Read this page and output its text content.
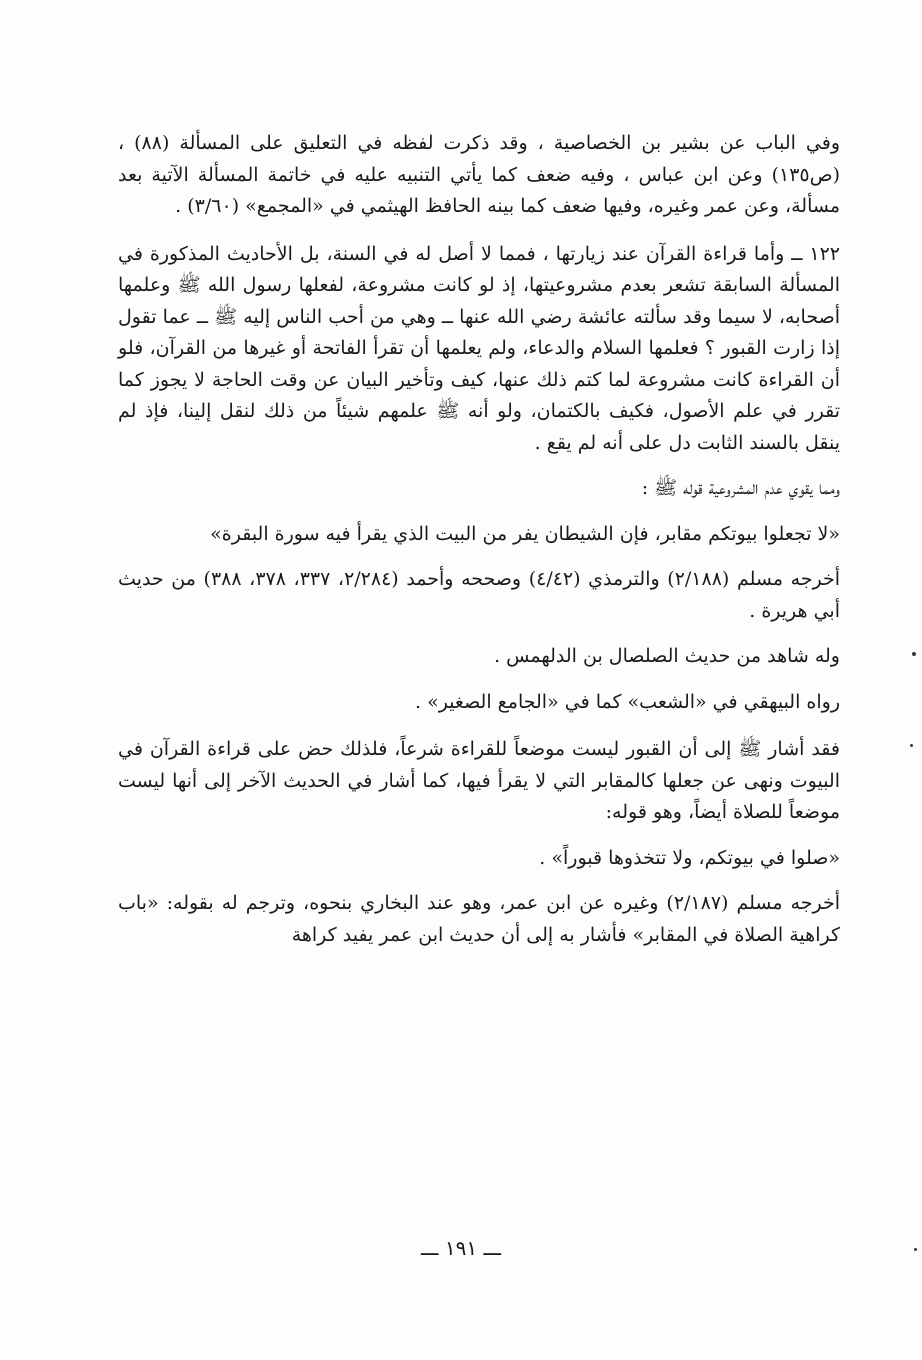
وفي الباب عن بشير بن الخصاصية ، وقد ذكرت لفظه في التعليق على المسألة (٨٨) ، (ص١٣٥) وعن ابن عباس ، وفيه ضعف كما يأتي التنبيه عليه في خاتمة المسألة الآتية بعد مسألة، وعن عمر وغيره، وفيها ضعف كما بينه الحافظ الهيثمي في «المجمع» (٣/٦٠) .

١٢٢ ــ وأما قراءة القرآن عند زيارتها ، فمما لا أصل له في السنة، بل الأحاديث المذكورة في المسألة السابقة تشعر بعدم مشروعيتها، إذ لو كانت مشروعة، لفعلها رسول الله ﷺ وعلمها أصحابه، لا سيما وقد سألته عائشة رضي الله عنها ــ وهي من أحب الناس إليه ﷺ ــ عما تقول إذا زارت القبور ؟ فعلمها السلام والدعاء، ولم يعلمها أن تقرأ الفاتحة أو غيرها من القرآن، فلو أن القراءة كانت مشروعة لما كتم ذلك عنها، كيف وتأخير البيان عن وقت الحاجة لا يجوز كما تقرر في علم الأصول، فكيف بالكتمان، ولو أنه ﷺ علمهم شيئاً من ذلك لنقل إلينا، فإذ لم ينقل بالسند الثابت دل على أنه لم يقع .

ومما يقوي عدم المشروعية قوله ﷺ :

«لا تجعلوا بيوتكم مقابر، فإن الشيطان يفر من البيت الذي يقرأ فيه سورة البقرة»

أخرجه مسلم (٢/١٨٨) والترمذي (٤/٤٢) وصححه وأحمد (٢/٢٨٤، ٣٣٧، ٣٧٨، ٣٨٨) من حديث أبي هريرة .

وله شاهد من حديث الصلصال بن الدلهمس .

رواه البيهقي في «الشعب» كما في «الجامع الصغير» .

فقد أشار ﷺ إلى أن القبور ليست موضعاً للقراءة شرعاً، فلذلك حض على قراءة القرآن في البيوت ونهى عن جعلها كالمقابر التي لا يقرأ فيها، كما أشار في الحديث الآخر إلى أنها ليست موضعاً للصلاة أيضاً، وهو قوله:

«صلوا في بيوتكم، ولا تتخذوها قبوراً» .

أخرجه مسلم (٢/١٨٧) وغيره عن ابن عمر، وهو عند البخاري بنحوه، وترجم له بقوله: «باب كراهية الصلاة في المقابر» فأشار به إلى أن حديث ابن عمر يفيد كراهة

ـــ ١٩١ ـــ
